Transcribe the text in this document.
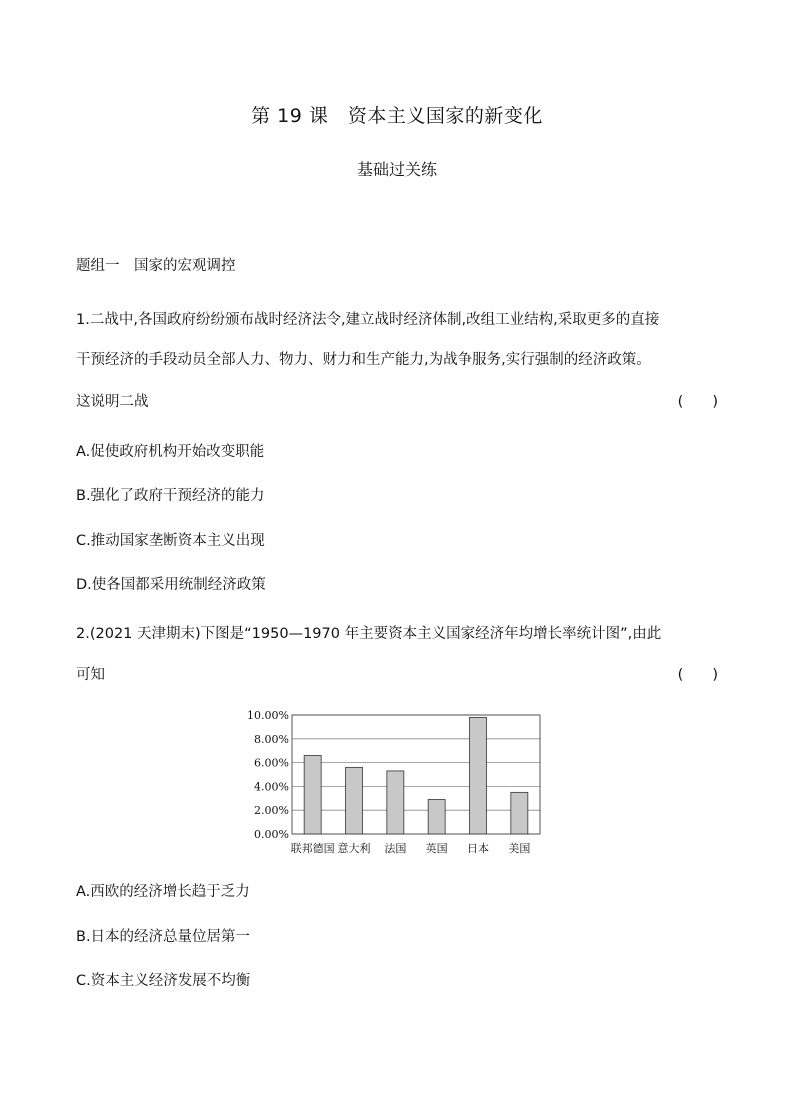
第 19 课　资本主义国家的新变化
基础过关练
题组一　国家的宏观调控
1.二战中,各国政府纷纷颁布战时经济法令,建立战时经济体制,改组工业结构,采取更多的直接
干预经济的手段动员全部人力、物力、财力和生产能力,为战争服务,实行强制的经济政策。
这说明二战	(　　)
A.促使政府机构开始改变职能
B.强化了政府干预经济的能力
C.推动国家垄断资本主义出现
D.使各国都采用统制经济政策
2.(2021 天津期末)下图是“1950—1970 年主要资本主义国家经济年均增长率统计图”,由此
可知	(　　)
0.00%
2.00%
4.00%
6.00%
8.00%
10.00%
联邦德国 意大利 法国 英国 日本 美国
A.西欧的经济增长趋于乏力
B.日本的经济总量位居第一
C.资本主义经济发展不均衡
